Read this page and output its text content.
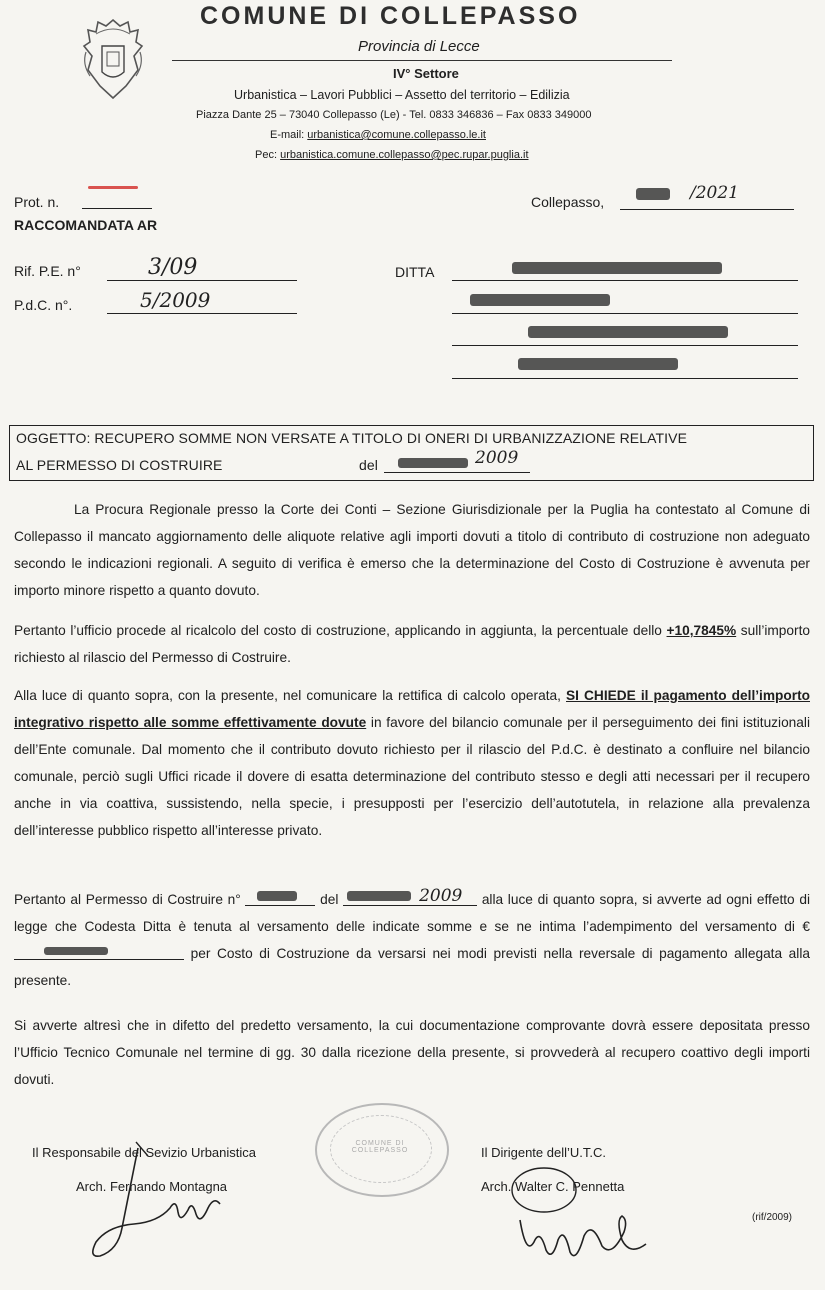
COMUNE DI COLLEPASSO
Provincia di Lecce
IV° Settore
Urbanistica – Lavori Pubblici – Assetto del territorio – Edilizia
Piazza Dante 25 – 73040 Collepasso (Le) - Tel. 0833 346836 – Fax 0833 349000
E-mail: urbanistica@comune.collepasso.le.it
Pec: urbanistica.comune.collepasso@pec.rupar.puglia.it
Prot. n.
RACCOMANDATA AR
Collepasso,	/2021
Rif. P.E. n°	3/09
P.d.C. n°.	5/2009
DITTA
OGGETTO: RECUPERO SOMME NON VERSATE A TITOLO DI ONERI DI URBANIZZAZIONE RELATIVE
AL PERMESSO DI COSTRUIRE	del	2009
La Procura Regionale presso la Corte dei Conti – Sezione Giurisdizionale per la Puglia ha contestato al Comune di Collepasso il mancato aggiornamento delle aliquote relative agli importi dovuti a titolo di contributo di costruzione non adeguato secondo le indicazioni regionali. A seguito di verifica è emerso che la determinazione del Costo di Costruzione è avvenuta per importo minore rispetto a quanto dovuto.
Pertanto l’ufficio procede al ricalcolo del costo di costruzione, applicando in aggiunta, la percentuale dello +10,7845% sull’importo richiesto al rilascio del Permesso di Costruire.
Alla luce di quanto sopra, con la presente, nel comunicare la rettifica di calcolo operata, SI CHIEDE il pagamento dell’importo integrativo rispetto alle somme effettivamente dovute in favore del bilancio comunale per il perseguimento dei fini istituzionali dell’Ente comunale. Dal momento che il contributo dovuto richiesto per il rilascio del P.d.C. è destinato a confluire nel bilancio comunale, perciò sugli Uffici ricade il dovere di esatta determinazione del contributo stesso e degli atti necessari per il recupero anche in via coattiva, sussistendo, nella specie, i presupposti per l’esercizio dell’autotutela, in relazione alla prevalenza dell’interesse pubblico rispetto all’interesse privato.
Pertanto al Permesso di Costruire n°	del	2009 alla luce di quanto sopra, si avverte ad ogni effetto di legge che Codesta Ditta è tenuta al versamento delle indicate somme e se ne intima l’adempimento del versamento di €
per Costo di Costruzione da versarsi nei modi previsti nella reversale di pagamento allegata alla presente.
Si avverte altresì che in difetto del predetto versamento, la cui documentazione comprovante dovrà essere depositata presso l’Ufficio Tecnico Comunale nel termine di gg. 30 dalla ricezione della presente, si provvederà al recupero coattivo degli importi dovuti.
COMUNE DI COLLEPASSO
Il Responsabile del Sevizio Urbanistica
Arch. Fernando Montagna
Il Dirigente dell’U.T.C.
Arch. Walter C. Pennetta
(rif/2009)
